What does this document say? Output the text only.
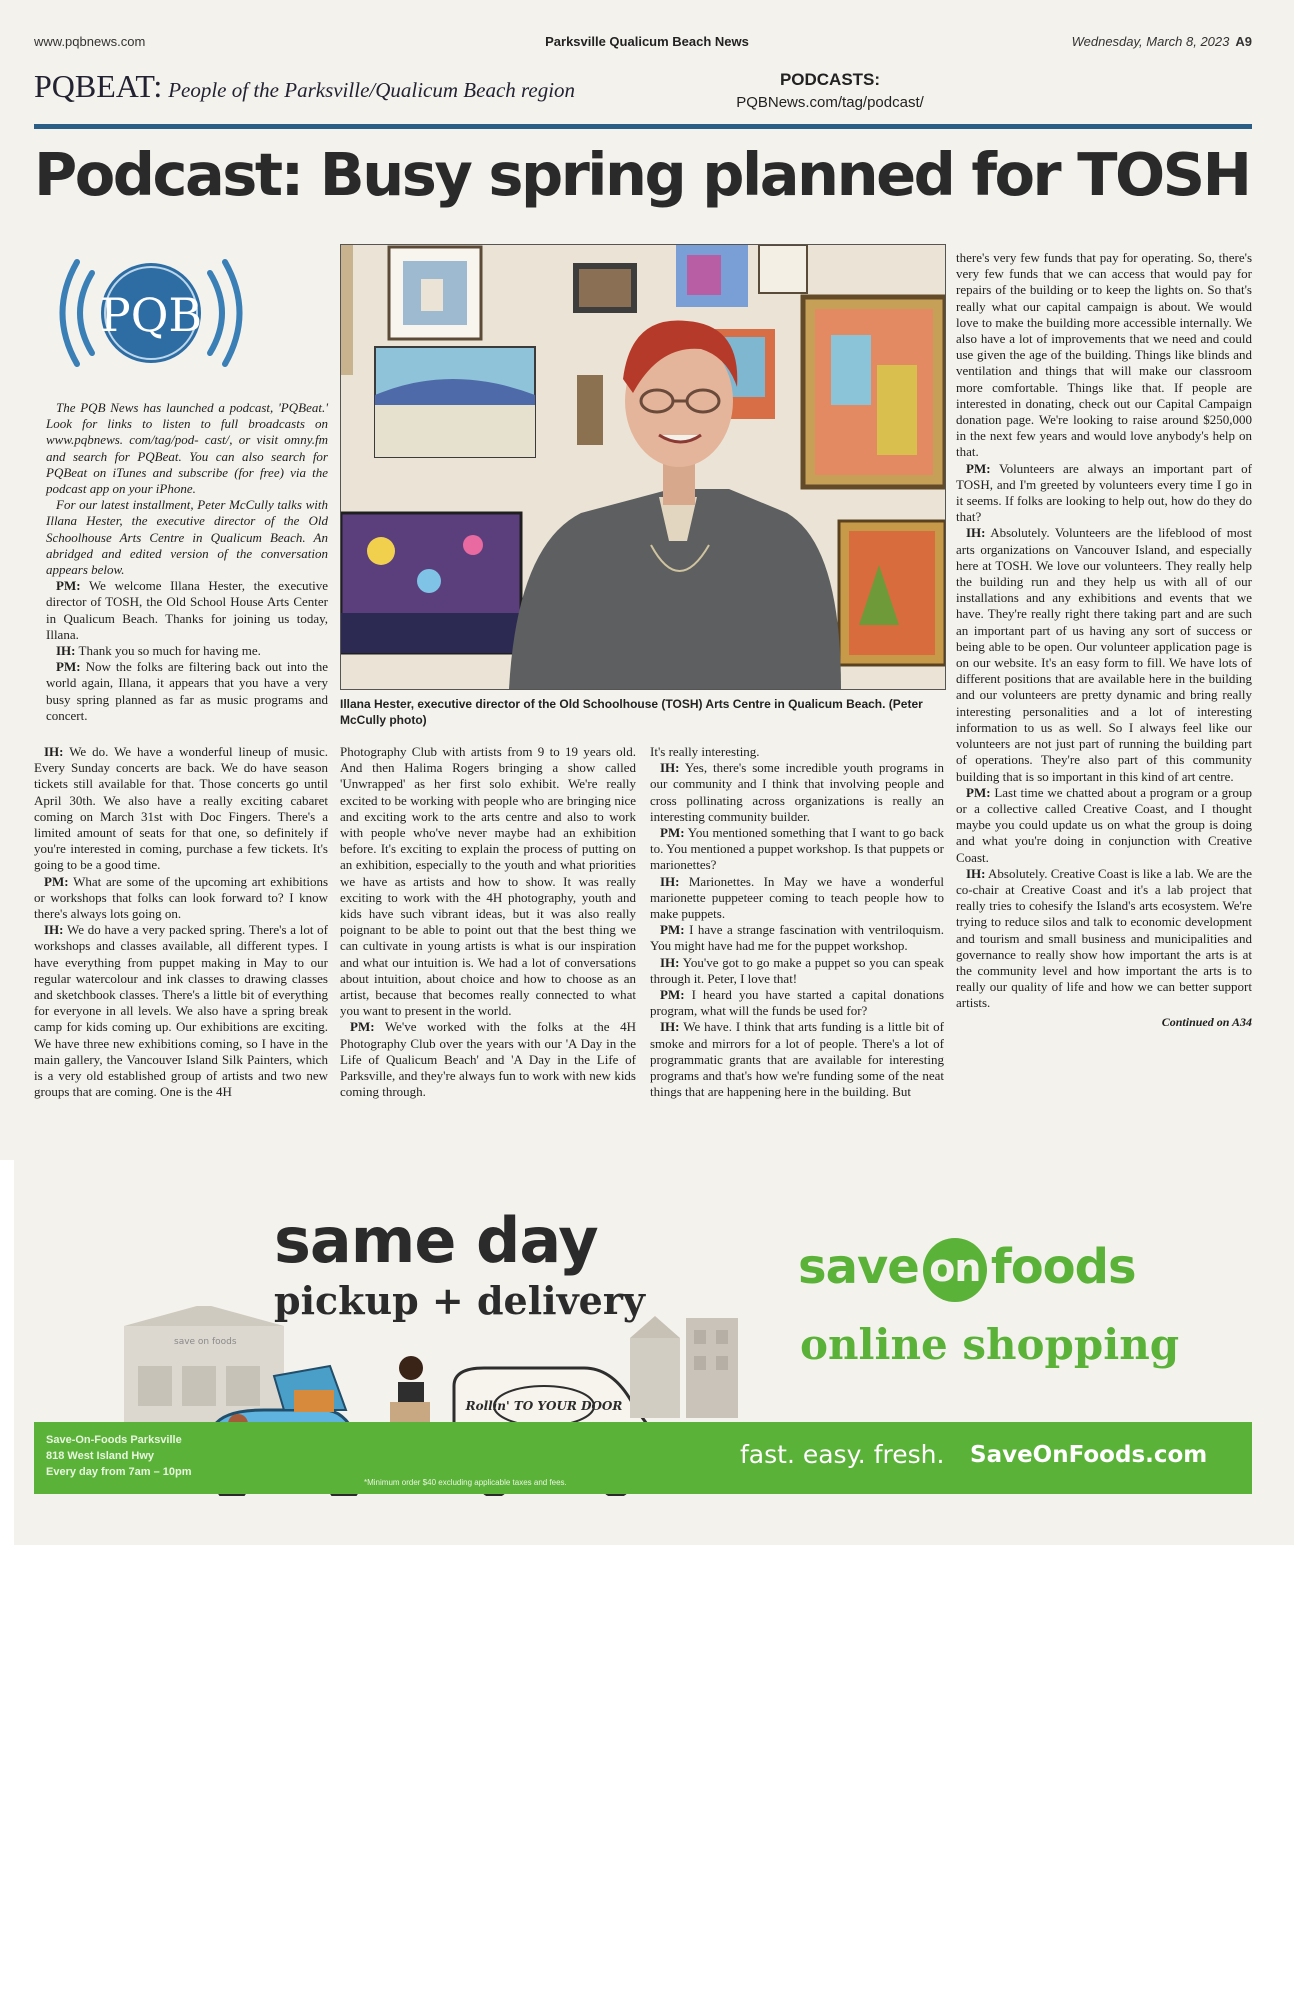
www.pqbnews.com	Parksville Qualicum Beach News	Wednesday, March 8, 2023 A9
PQBEAT: People of the Parksville/Qualicum Beach region	PODCASTS:
PQBNews.com/tag/podcast/
Podcast: Busy spring planned for TOSH
PQB
Illana Hester, executive director of the Old Schoolhouse (TOSH) Arts Centre in Qualicum Beach. (Peter McCully photo)

The PQB News has launched a podcast, 'PQBeat.' Look for links to listen to full broadcasts on www.pqbnews. com/tag/pod- cast/, or visit omny.fm and search for PQBeat. You can also search for PQBeat on iTunes and subscribe (for free) via the podcast app on your iPhone.

For our latest installment, Peter McCully talks with Illana Hester, the executive director of the Old Schoolhouse Arts Centre in Qualicum Beach. An abridged and edited version of the conversation appears below.

PM: We welcome Illana Hester, the executive director of TOSH, the Old School House Arts Center in Qualicum Beach. Thanks for joining us today, Illana.

IH: Thank you so much for having me.

PM: Now the folks are filtering back out into the world again, Illana, it appears that you have a very busy spring planned as far as music programs and concert.

IH: We do. We have a wonderful lineup of music. Every Sunday concerts are back. We do have season tickets still available for that. Those concerts go until April 30th. We also have a really exciting cabaret coming on March 31st with Doc Fingers. There's a limited amount of seats for that one, so definitely if you're interested in coming, purchase a few tickets. It's going to be a good time.

PM: What are some of the upcoming art exhibitions or workshops that folks can look forward to? I know there's always lots going on.

IH: We do have a very packed spring. There's a lot of workshops and classes available, all different types. I have everything from puppet making in May to our regular watercolour and ink classes to drawing classes and sketchbook classes. There's a little bit of everything for everyone in all levels. We also have a spring break camp for kids coming up. Our exhibitions are exciting. We have three new exhibitions coming, so I have in the main gallery, the Vancouver Island Silk Painters, which is a very old established group of artists and two new groups that are coming. One is the 4H

Photography Club with artists from 9 to 19 years old. And then Halima Rogers bringing a show called 'Unwrapped' as her first solo exhibit. We're really excited to be working with people who are bringing nice and exciting work to the arts centre and also to work with people who've never maybe had an exhibition before. It's exciting to explain the process of putting on an exhibition, especially to the youth and what priorities we have as artists and how to show. It was really exciting to work with the 4H photography, youth and kids have such vibrant ideas, but it was also really poignant to be able to point out that the best thing we can cultivate in young artists is what is our inspiration and what our intuition is. We had a lot of conversations about intuition, about choice and how to choose as an artist, because that becomes really connected to what you want to present in the world.

PM: We've worked with the folks at the 4H Photography Club over the years with our 'A Day in the Life of Qualicum Beach' and 'A Day in the Life of Parksville, and they're always fun to work with new kids coming through.

It's really interesting.

IH: Yes, there's some incredible youth programs in our community and I think that involving people and cross pollinating across organizations is really an interesting community builder.

PM: You mentioned something that I want to go back to. You mentioned a puppet workshop. Is that puppets or marionettes?

IH: Marionettes. In May we have a wonderful marionette puppeteer coming to teach people how to make puppets.

PM: I have a strange fascination with ventriloquism. You might have had me for the puppet workshop.

IH: You've got to go make a puppet so you can speak through it. Peter, I love that!

PM: I heard you have started a capital donations program, what will the funds be used for?

IH: We have. I think that arts funding is a little bit of smoke and mirrors for a lot of people. There's a lot of programmatic grants that are available for interesting programs and that's how we're funding some of the neat things that are happening here in the building. But

there's very few funds that pay for operating. So, there's very few funds that we can access that would pay for repairs of the building or to keep the lights on. So that's really what our capital campaign is about. We would love to make the building more accessible internally. We also have a lot of improvements that we need and could use given the age of the building. Things like blinds and ventilation and things that will make our classroom more comfortable. Things like that. If people are interested in donating, check out our Capital Campaign donation page. We're looking to raise around $250,000 in the next few years and would love anybody's help on that.

PM: Volunteers are always an important part of TOSH, and I'm greeted by volunteers every time I go in it seems. If folks are looking to help out, how do they do that?

IH: Absolutely. Volunteers are the lifeblood of most arts organizations on Vancouver Island, and especially here at TOSH. We love our volunteers. They really help the building run and they help us with all of our installations and any exhibitions and events that we have. They're really right there taking part and are such an important part of us having any sort of success or being able to be open. Our volunteer application page is on our website. It's an easy form to fill. We have lots of different positions that are available here in the building and our volunteers are pretty dynamic and bring really interesting personalities and a lot of interesting information to us as well. So I always feel like our volunteers are not just part of running the building part of operations. They're also part of this community building that is so important in this kind of art centre.

PM: Last time we chatted about a program or a group or a collective called Creative Coast, and I thought maybe you could update us on what the group is doing and what you're doing in conjunction with Creative Coast.

IH: Absolutely. Creative Coast is like a lab. We are the co-chair at Creative Coast and it's a lab project that really tries to cohesify the Island's arts ecosystem. We're trying to reduce silos and talk to economic development and tourism and small business and municipalities and governance to really show how important the arts is at the community level and how important the arts is to really our quality of life and how we can better support artists.

Continued on A34
same day
pickup + delivery
save on foods
online shopping
save on foods
Rollin' TO YOUR DOOR
Save-On-Foods Parksville
818 West Island Hwy
Every day from 7am – 10pm
*Minimum order $40 excluding applicable taxes and fees.
fast. easy. fresh. SaveOnFoods.com
